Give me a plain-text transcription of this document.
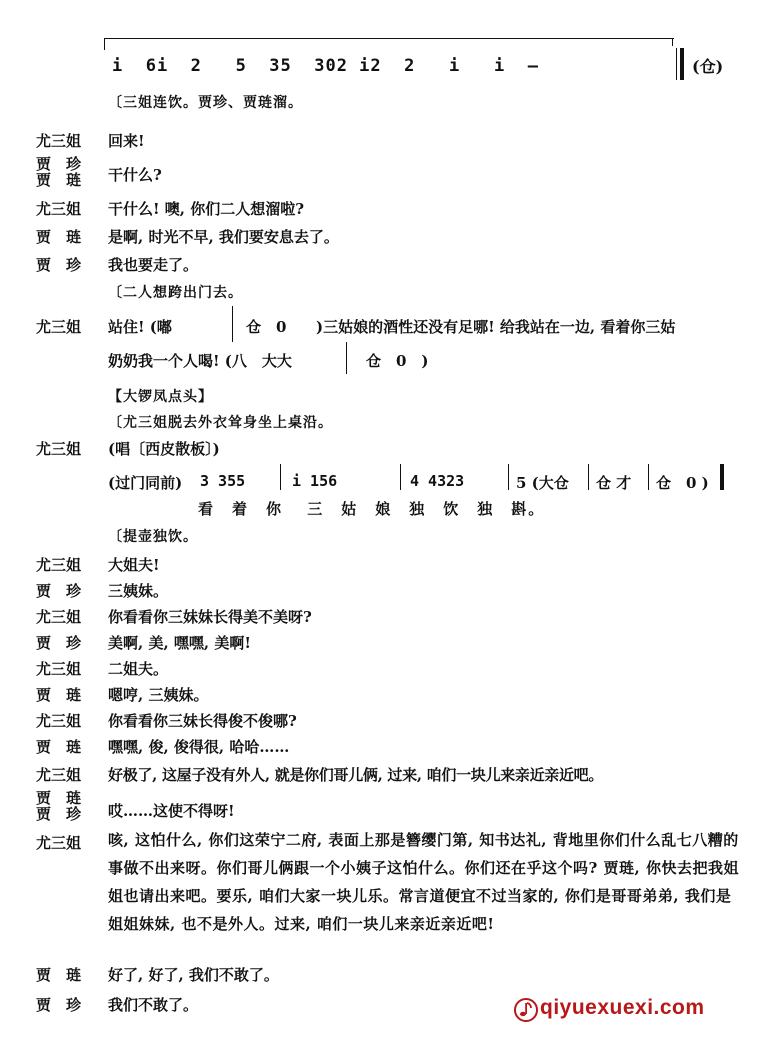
i  6i  2   5  35  302 i2  2   i   i  –	(仓)
〔三姐连饮。贾珍、贾琏溜。
尤三姐	回来!
贾　珍
贾　琏	干什么?
尤三姐	干什么! 噢, 你们二人想溜啦?
贾　琏	是啊, 时光不早, 我们要安息去了。
贾　珍	我也要走了。
〔二人想跨出门去。
尤三姐	站住! (嘟	仓　0 )三姑娘的酒性还没有足哪! 给我站在一边, 看着你三姑
奶奶我一个人喝! (八　大大	仓　0　)
【大锣凤点头】
〔尤三姐脱去外衣耸身坐上桌沿。
尤三姐	(唱〔西皮散板〕)
(过门同前) 3 355	i 156	4 4323	5 (大仓 仓 才 仓　0 )
看　着　你　 三　姑　娘　独　饮　独　斟。
〔提壶独饮。
尤三姐	大姐夫!
贾　珍	三姨妹。
尤三姐	你看看你三妹妹长得美不美呀?
贾　珍	美啊, 美, 嘿嘿, 美啊!
尤三姐	二姐夫。
贾　琏	嗯哼, 三姨妹。
尤三姐	你看看你三妹长得俊不俊哪?
贾　琏	嘿嘿, 俊, 俊得很, 哈哈……
尤三姐	好极了, 这屋子没有外人, 就是你们哥儿俩, 过来, 咱们一块儿来亲近亲近吧。
贾　琏
贾　珍	哎……这使不得呀!
尤三姐	咳, 这怕什么, 你们这荣宁二府, 表面上那是簪缨门第, 知书达礼, 背地里你们什么乱七八糟的事做不出来呀。你们哥儿俩跟一个小姨子这怕什么。你们还在乎这个吗? 贾琏, 你快去把我姐姐也请出来吧。要乐, 咱们大家一块儿乐。常言道便宜不过当家的, 你们是哥哥弟弟, 我们是姐姐妹妹, 也不是外人。过来, 咱们一块儿来亲近亲近吧!
贾　琏	好了, 好了, 我们不敢了。
贾　珍	我们不敢了。	qiyuexuexi.com
